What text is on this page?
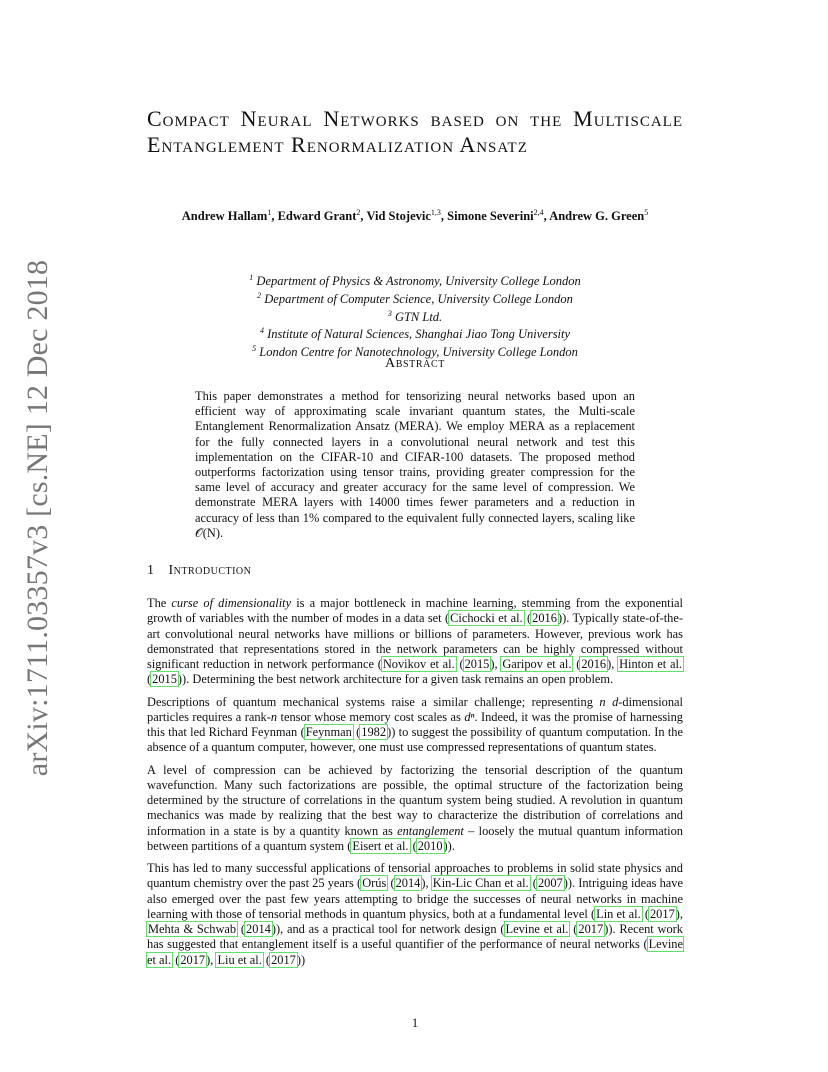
arXiv:1711.03357v3 [cs.NE] 12 Dec 2018
Compact Neural Networks based on the Multiscale Entanglement Renormalization Ansatz
Andrew Hallam$^1$, Edward Grant$^2$, Vid Stojevic$^{1,3}$, Simone Severini$^{2,4}$, Andrew G. Green$^5$
$^1$ Department of Physics & Astronomy, University College London
$^2$ Department of Computer Science, University College London
$^3$ GTN Ltd.
$^4$ Institute of Natural Sciences, Shanghai Jiao Tong University
$^5$ London Centre for Nanotechnology, University College London
Abstract

This paper demonstrates a method for tensorizing neural networks based upon an efficient way of approximating scale invariant quantum states, the Multi-scale Entanglement Renormalization Ansatz (MERA). We employ MERA as a replacement for the fully connected layers in a convolutional neural network and test this implementation on the CIFAR-10 and CIFAR-100 datasets. The proposed method outperforms factorization using tensor trains, providing greater compression for the same level of accuracy and greater accuracy for the same level of compression. We demonstrate MERA layers with 14000 times fewer parameters and a reduction in accuracy of less than 1% compared to the equivalent fully connected layers, scaling like 𝒪(N).

1 Introduction

The curse of dimensionality is a major bottleneck in machine learning, stemming from the exponential growth of variables with the number of modes in a data set (Cichocki et al. (2016)). Typically state-of-the-art convolutional neural networks have millions or billions of parameters. However, previous work has demonstrated that representations stored in the network parameters can be highly compressed without significant reduction in network performance (Novikov et al. (2015), Garipov et al. (2016), Hinton et al. (2015)). Determining the best network architecture for a given task remains an open problem.

Descriptions of quantum mechanical systems raise a similar challenge; representing n d-dimensional particles requires a rank-n tensor whose memory cost scales as dⁿ. Indeed, it was the promise of harnessing this that led Richard Feynman (Feynman (1982)) to suggest the possibility of quantum computation. In the absence of a quantum computer, however, one must use compressed representations of quantum states.

A level of compression can be achieved by factorizing the tensorial description of the quantum wavefunction. Many such factorizations are possible, the optimal structure of the factorization being determined by the structure of correlations in the quantum system being studied. A revolution in quantum mechanics was made by realizing that the best way to characterize the distribution of correlations and information in a state is by a quantity known as entanglement – loosely the mutual quantum information between partitions of a quantum system (Eisert et al. (2010)).

This has led to many successful applications of tensorial approaches to problems in solid state physics and quantum chemistry over the past 25 years (Orús (2014), Kin-Lic Chan et al. (2007)). Intriguing ideas have also emerged over the past few years attempting to bridge the successes of neural networks in machine learning with those of tensorial methods in quantum physics, both at a fundamental level (Lin et al. (2017), Mehta & Schwab (2014)), and as a practical tool for network design (Levine et al. (2017)). Recent work has suggested that entanglement itself is a useful quantifier of the performance of neural networks (Levine et al. (2017), Liu et al. (2017))

1
